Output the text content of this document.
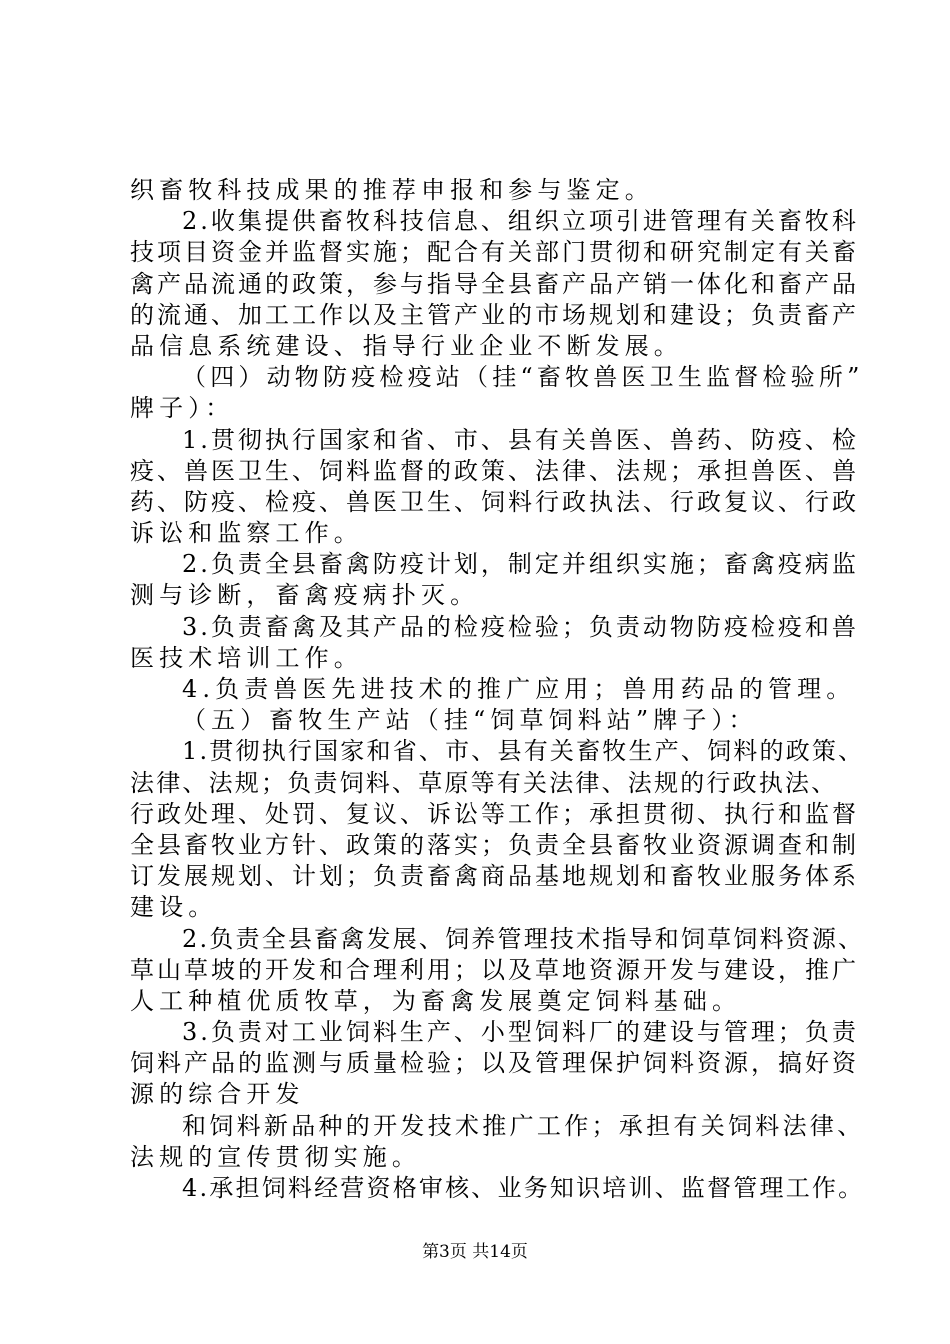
织畜牧科技成果的推荐申报和参与鉴定。
2.收集提供畜牧科技信息、组织立项引进管理有关畜牧科
技项目资金并监督实施；配合有关部门贯彻和研究制定有关畜
禽产品流通的政策，参与指导全县畜产品产销一体化和畜产品
的流通、加工工作以及主管产业的市场规划和建设；负责畜产
品信息系统建设、指导行业企业不断发展。
（四）动物防疫检疫站（挂“畜牧兽医卫生监督检验所”
牌子）：
1.贯彻执行国家和省、市、县有关兽医、兽药、防疫、检
疫、兽医卫生、饲料监督的政策、法律、法规；承担兽医、兽
药、防疫、检疫、兽医卫生、饲料行政执法、行政复议、行政
诉讼和监察工作。
2.负责全县畜禽防疫计划，制定并组织实施；畜禽疫病监
测与诊断，畜禽疫病扑灭。
3.负责畜禽及其产品的检疫检验；负责动物防疫检疫和兽
医技术培训工作。
4.负责兽医先进技术的推广应用；兽用药品的管理。
（五）畜牧生产站（挂“饲草饲料站”牌子）：
1.贯彻执行国家和省、市、县有关畜牧生产、饲料的政策、
法律、法规；负责饲料、草原等有关法律、法规的行政执法、
行政处理、处罚、复议、诉讼等工作；承担贯彻、执行和监督
全县畜牧业方针、政策的落实；负责全县畜牧业资源调查和制
订发展规划、计划；负责畜禽商品基地规划和畜牧业服务体系
建设。
2.负责全县畜禽发展、饲养管理技术指导和饲草饲料资源、
草山草坡的开发和合理利用；以及草地资源开发与建设，推广
人工种植优质牧草，为畜禽发展奠定饲料基础。
3.负责对工业饲料生产、小型饲料厂的建设与管理；负责
饲料产品的监测与质量检验；以及管理保护饲料资源，搞好资
源的综合开发
和饲料新品种的开发技术推广工作；承担有关饲料法律、
法规的宣传贯彻实施。
4.承担饲料经营资格审核、业务知识培训、监督管理工作。
第3页 共14页
